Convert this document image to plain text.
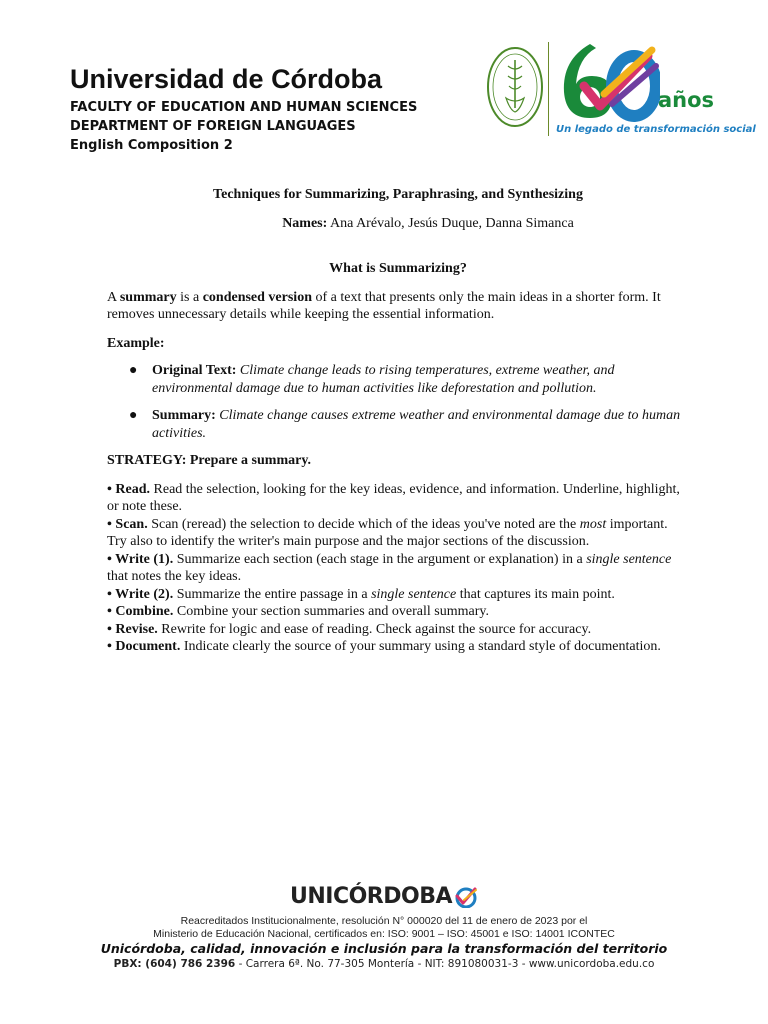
Universidad de Córdoba
FACULTY OF EDUCATION AND HUMAN SCIENCES
DEPARTMENT OF FOREIGN LANGUAGES
English Composition 2
años
Un legado de transformación social

Techniques for Summarizing, Paraphrasing, and Synthesizing

Names: Ana Arévalo, Jesús Duque, Danna Simanca

What is Summarizing?

A summary is a condensed version of a text that presents only the main ideas in a shorter form. It removes unnecessary details while keeping the essential information.

Example:

● Original Text: Climate change leads to rising temperatures, extreme weather, and environmental damage due to human activities like deforestation and pollution.
● Summary: Climate change causes extreme weather and environmental damage due to human activities.

STRATEGY: Prepare a summary.

• Read. Read the selection, looking for the key ideas, evidence, and information. Underline, highlight, or note these.

• Scan. Scan (reread) the selection to decide which of the ideas you've noted are the most important. Try also to identify the writer's main purpose and the major sections of the discussion.

• Write (1). Summarize each section (each stage in the argument or explanation) in a single sentence that notes the key ideas.

• Write (2). Summarize the entire passage in a single sentence that captures its main point.

• Combine. Combine your section summaries and overall summary.

• Revise. Rewrite for logic and ease of reading. Check against the source for accuracy.

• Document. Indicate clearly the source of your summary using a standard style of documentation.

UNICÓRDOBA
Reacreditados Institucionalmente, resolución N° 000020 del 11 de enero de 2023 por el
Ministerio de Educación Nacional, certificados en: ISO: 9001 – ISO: 45001 e ISO: 14001 ICONTEC
Unicórdoba, calidad, innovación e inclusión para la transformación del territorio
PBX: (604) 786 2396 - Carrera 6ª. No. 77-305 Montería - NIT: 891080031-3 - www.unicordoba.edu.co
